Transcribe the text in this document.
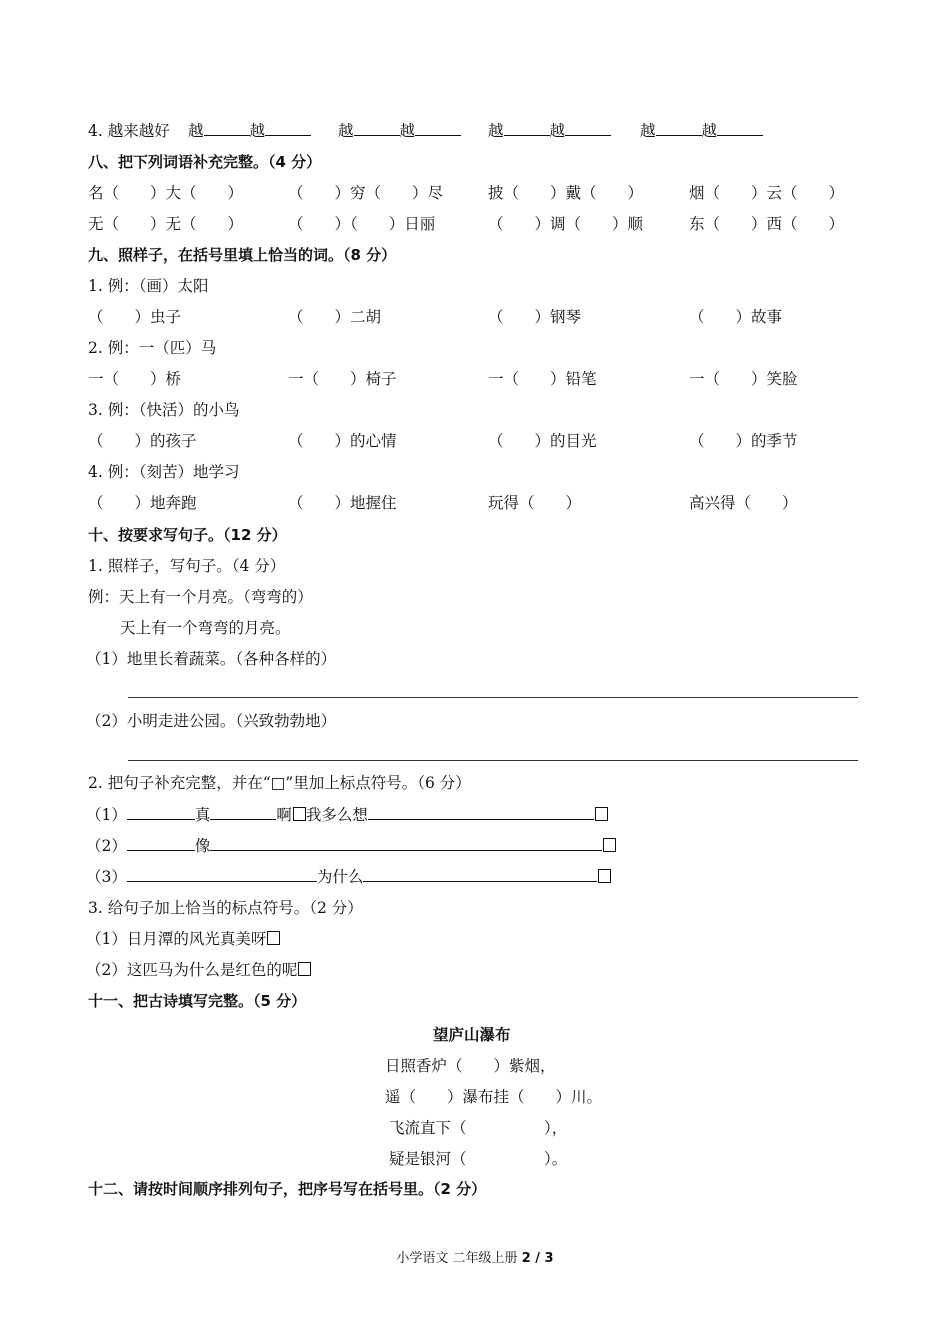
4. 越来越好 越	越	越	越	越	越	越	越
八、把下列词语补充完整。（4 分）
名（　　）大（　　）	（　　）穷（　　）尽	披（　　）戴（　　）	烟（　　）云（　　）
无（　　）无（　　）	（　　）（　　）日丽	（　　）调（　　）顺	东（　　）西（　　）
九、照样子，在括号里填上恰当的词。（8 分）
1. 例：（画）太阳
（　　）虫子	（　　）二胡	（　　）钢琴	（　　）故事
2. 例：一（匹）马
一（　　）桥	一（　　）椅子	一（　　）铅笔	一（　　）笑脸
3. 例：（快活）的小鸟
（　　）的孩子	（　　）的心情	（　　）的目光	（　　）的季节
4. 例：（刻苦）地学习
（　　）地奔跑	（　　）地握住	玩得（　　）	高兴得（　　）
十、按要求写句子。（12 分）
1. 照样子，写句子。（4 分）
例：天上有一个月亮。（弯弯的）
天上有一个弯弯的月亮。
（1）地里长着蔬菜。（各种各样的）
（2）小明走进公园。（兴致勃勃地）
2. 把句子补充完整，并在“□”里加上标点符号。（6 分）
（1）	真	啊 我多么想
（2）	像
（3）	为什么
3. 给句子加上恰当的标点符号。（2 分）
（1）日月潭的风光真美呀
（2）这匹马为什么是红色的呢
十一、把古诗填写完整。（5 分）
望庐山瀑布
日照香炉（　　）紫烟，
遥（　　）瀑布挂（　　）川。
飞流直下（　　　　　），
疑是银河（　　　　　）。
十二、请按时间顺序排列句子，把序号写在括号里。（2 分）
小学语文 二年级上册 2 / 3
